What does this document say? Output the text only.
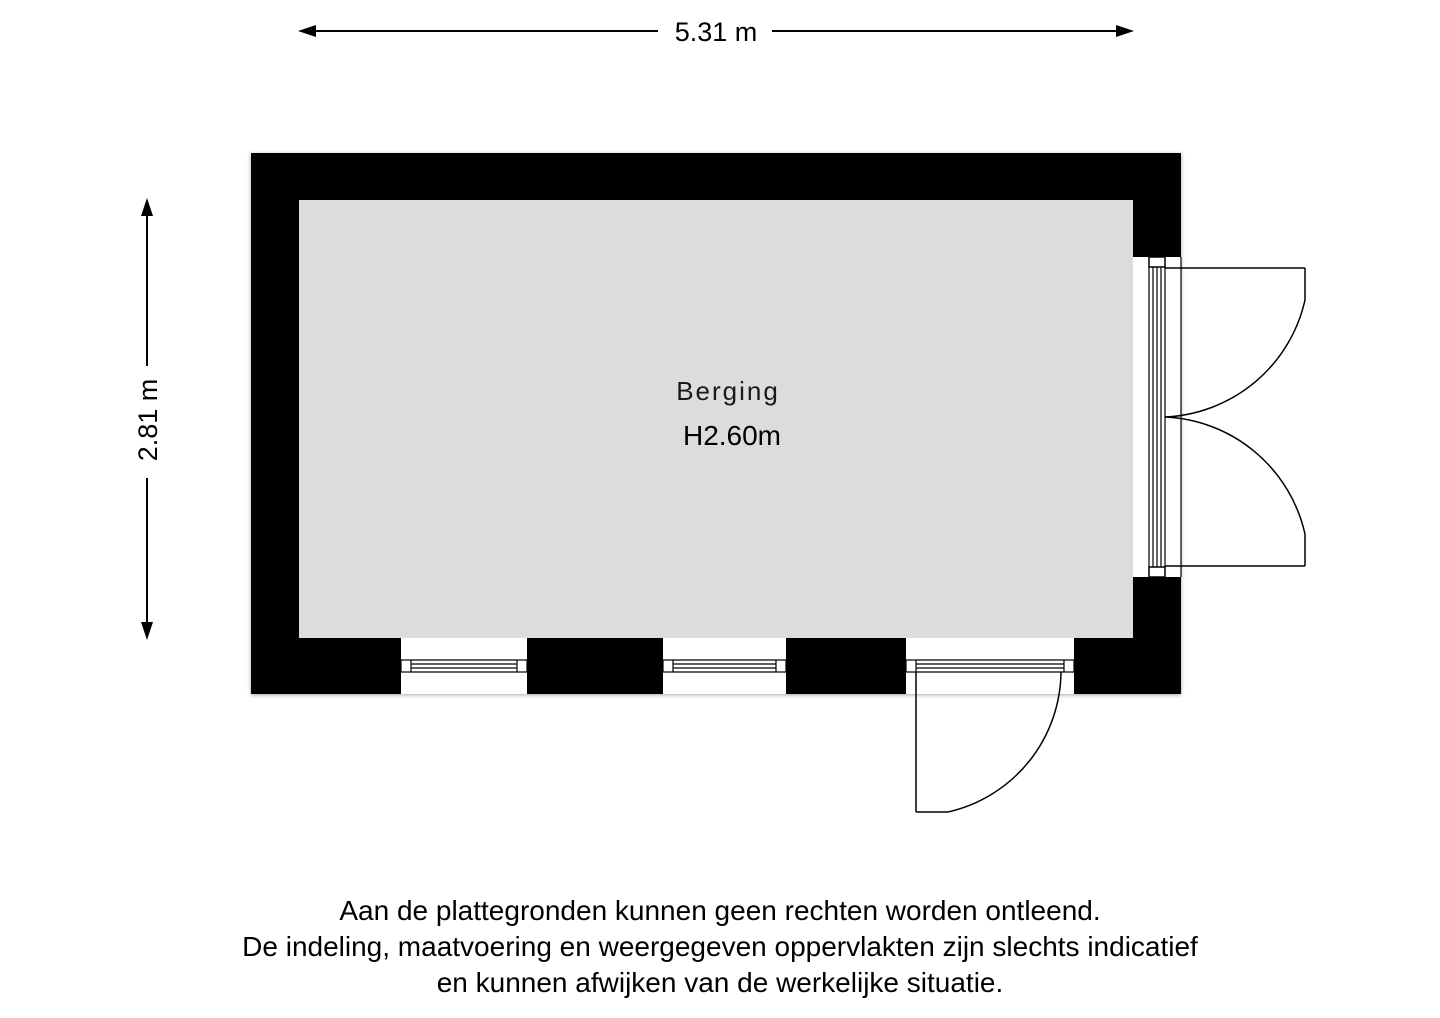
5.31 m
2.81 m	Berging
H2.60m

Aan de plattegronden kunnen geen rechten worden ontleend.
De indeling, maatvoering en weergegeven oppervlakten zijn slechts indicatief
en kunnen afwijken van de werkelijke situatie.
